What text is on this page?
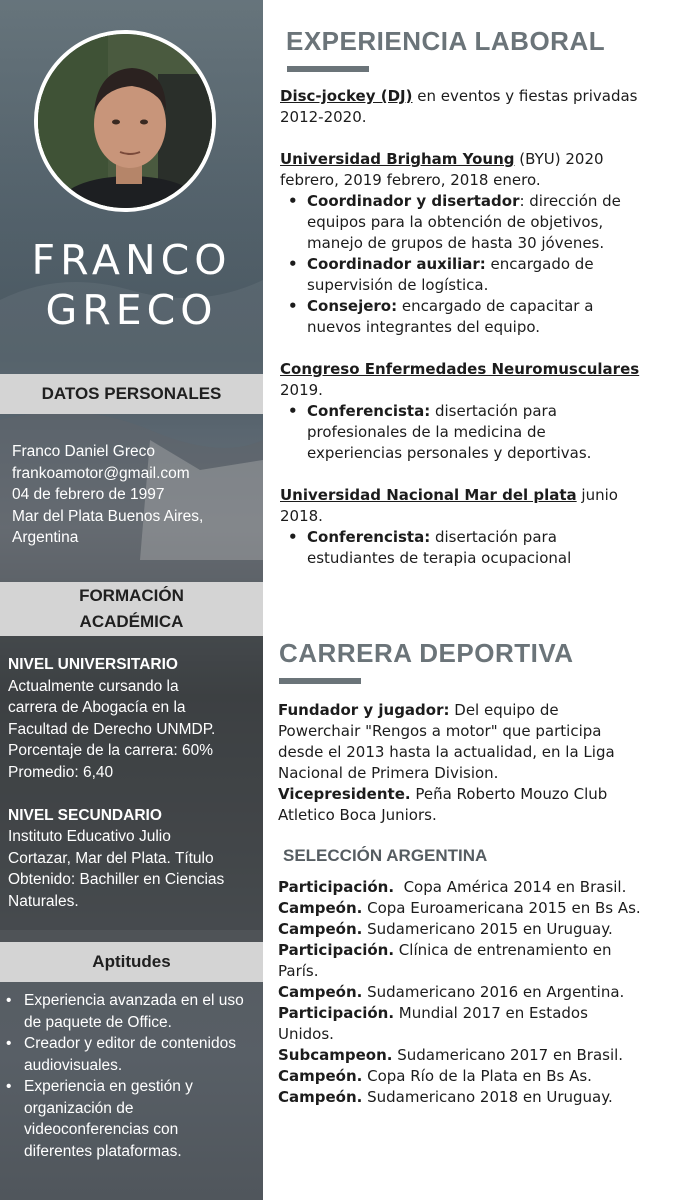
FRANCO
GRECO
DATOS PERSONALES
Franco Daniel Greco
frankoamotor@gmail.com
04 de febrero de 1997
Mar del Plata Buenos Aires,
Argentina
FORMACIÓN
ACADÉMICA
NIVEL UNIVERSITARIO
Actualmente cursando la
carrera de Abogacía en la
Facultad de Derecho UNMDP.
Porcentaje de la carrera: 60%
Promedio: 6,40
NIVEL SECUNDARIO
Instituto Educativo Julio
Cortazar, Mar del Plata. Título
Obtenido: Bachiller en Ciencias
Naturales.
Aptitudes
• Experiencia avanzada en el uso
de paquete de Office.
• Creador y editor de contenidos
audiovisuales.
• Experiencia en gestión y
organización de
videoconferencias con
diferentes plataformas.
EXPERIENCIA LABORAL

Disc-jockey (DJ) en eventos y fiestas privadas

2012-2020.

Universidad Brigham Young (BYU) 2020

febrero, 2019 febrero, 2018 enero.

• Coordinador y disertador: dirección de
equipos para la obtención de objetivos,
manejo de grupos de hasta 30 jóvenes.
• Coordinador auxiliar: encargado de
supervisión de logística.
• Consejero: encargado de capacitar a
nuevos integrantes del equipo.

Congreso Enfermedades Neuromusculares

2019.

• Conferencista: disertación para
profesionales de la medicina de
experiencias personales y deportivas.

Universidad Nacional Mar del plata junio

2018.

• Conferencista: disertación para
estudiantes de terapia ocupacional
CARRERA DEPORTIVA

Fundador y jugador: Del equipo de

Powerchair "Rengos a motor" que participa

desde el 2013 hasta la actualidad, en la Liga

Nacional de Primera Division.

Vicepresidente. Peña Roberto Mouzo Club

Atletico Boca Juniors.

SELECCIÓN ARGENTINA

Participación.  Copa América 2014 en Brasil.

Campeón. Copa Euroamericana 2015 en Bs As.

Campeón. Sudamericano 2015 en Uruguay.

Participación. Clínica de entrenamiento en
París.

Campeón. Sudamericano 2016 en Argentina.

Participación. Mundial 2017 en Estados
Unidos.

Subcampeon. Sudamericano 2017 en Brasil.

Campeón. Copa Río de la Plata en Bs As.

Campeón. Sudamericano 2018 en Uruguay.
